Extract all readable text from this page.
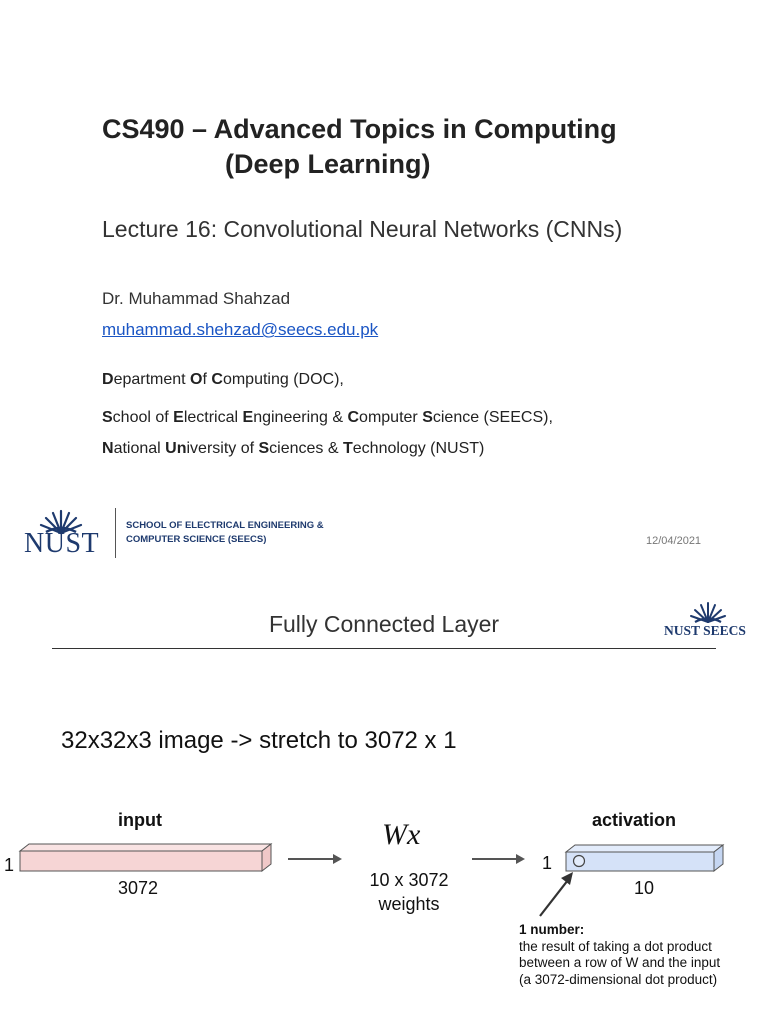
CS490 – Advanced Topics in Computing
(Deep Learning)
Lecture 16: Convolutional Neural Networks (CNNs)
Dr. Muhammad Shahzad
muhammad.shehzad@seecs.edu.pk
Department Of Computing (DOC),
School of Electrical Engineering & Computer Science (SEECS),
National University of Sciences & Technology (NUST)
NUST
SCHOOL OF ELECTRICAL ENGINEERING &
COMPUTER SCIENCE (SEECS)	12/04/2021
Fully Connected Layer	NUST SEECS
32x32x3 image -> stretch to 3072 x 1
input
1
3072
Wx
10 x 3072
weights
activation
1
10
1 number:
the result of taking a dot product
between a row of W and the input
(a 3072-dimensional dot product)
